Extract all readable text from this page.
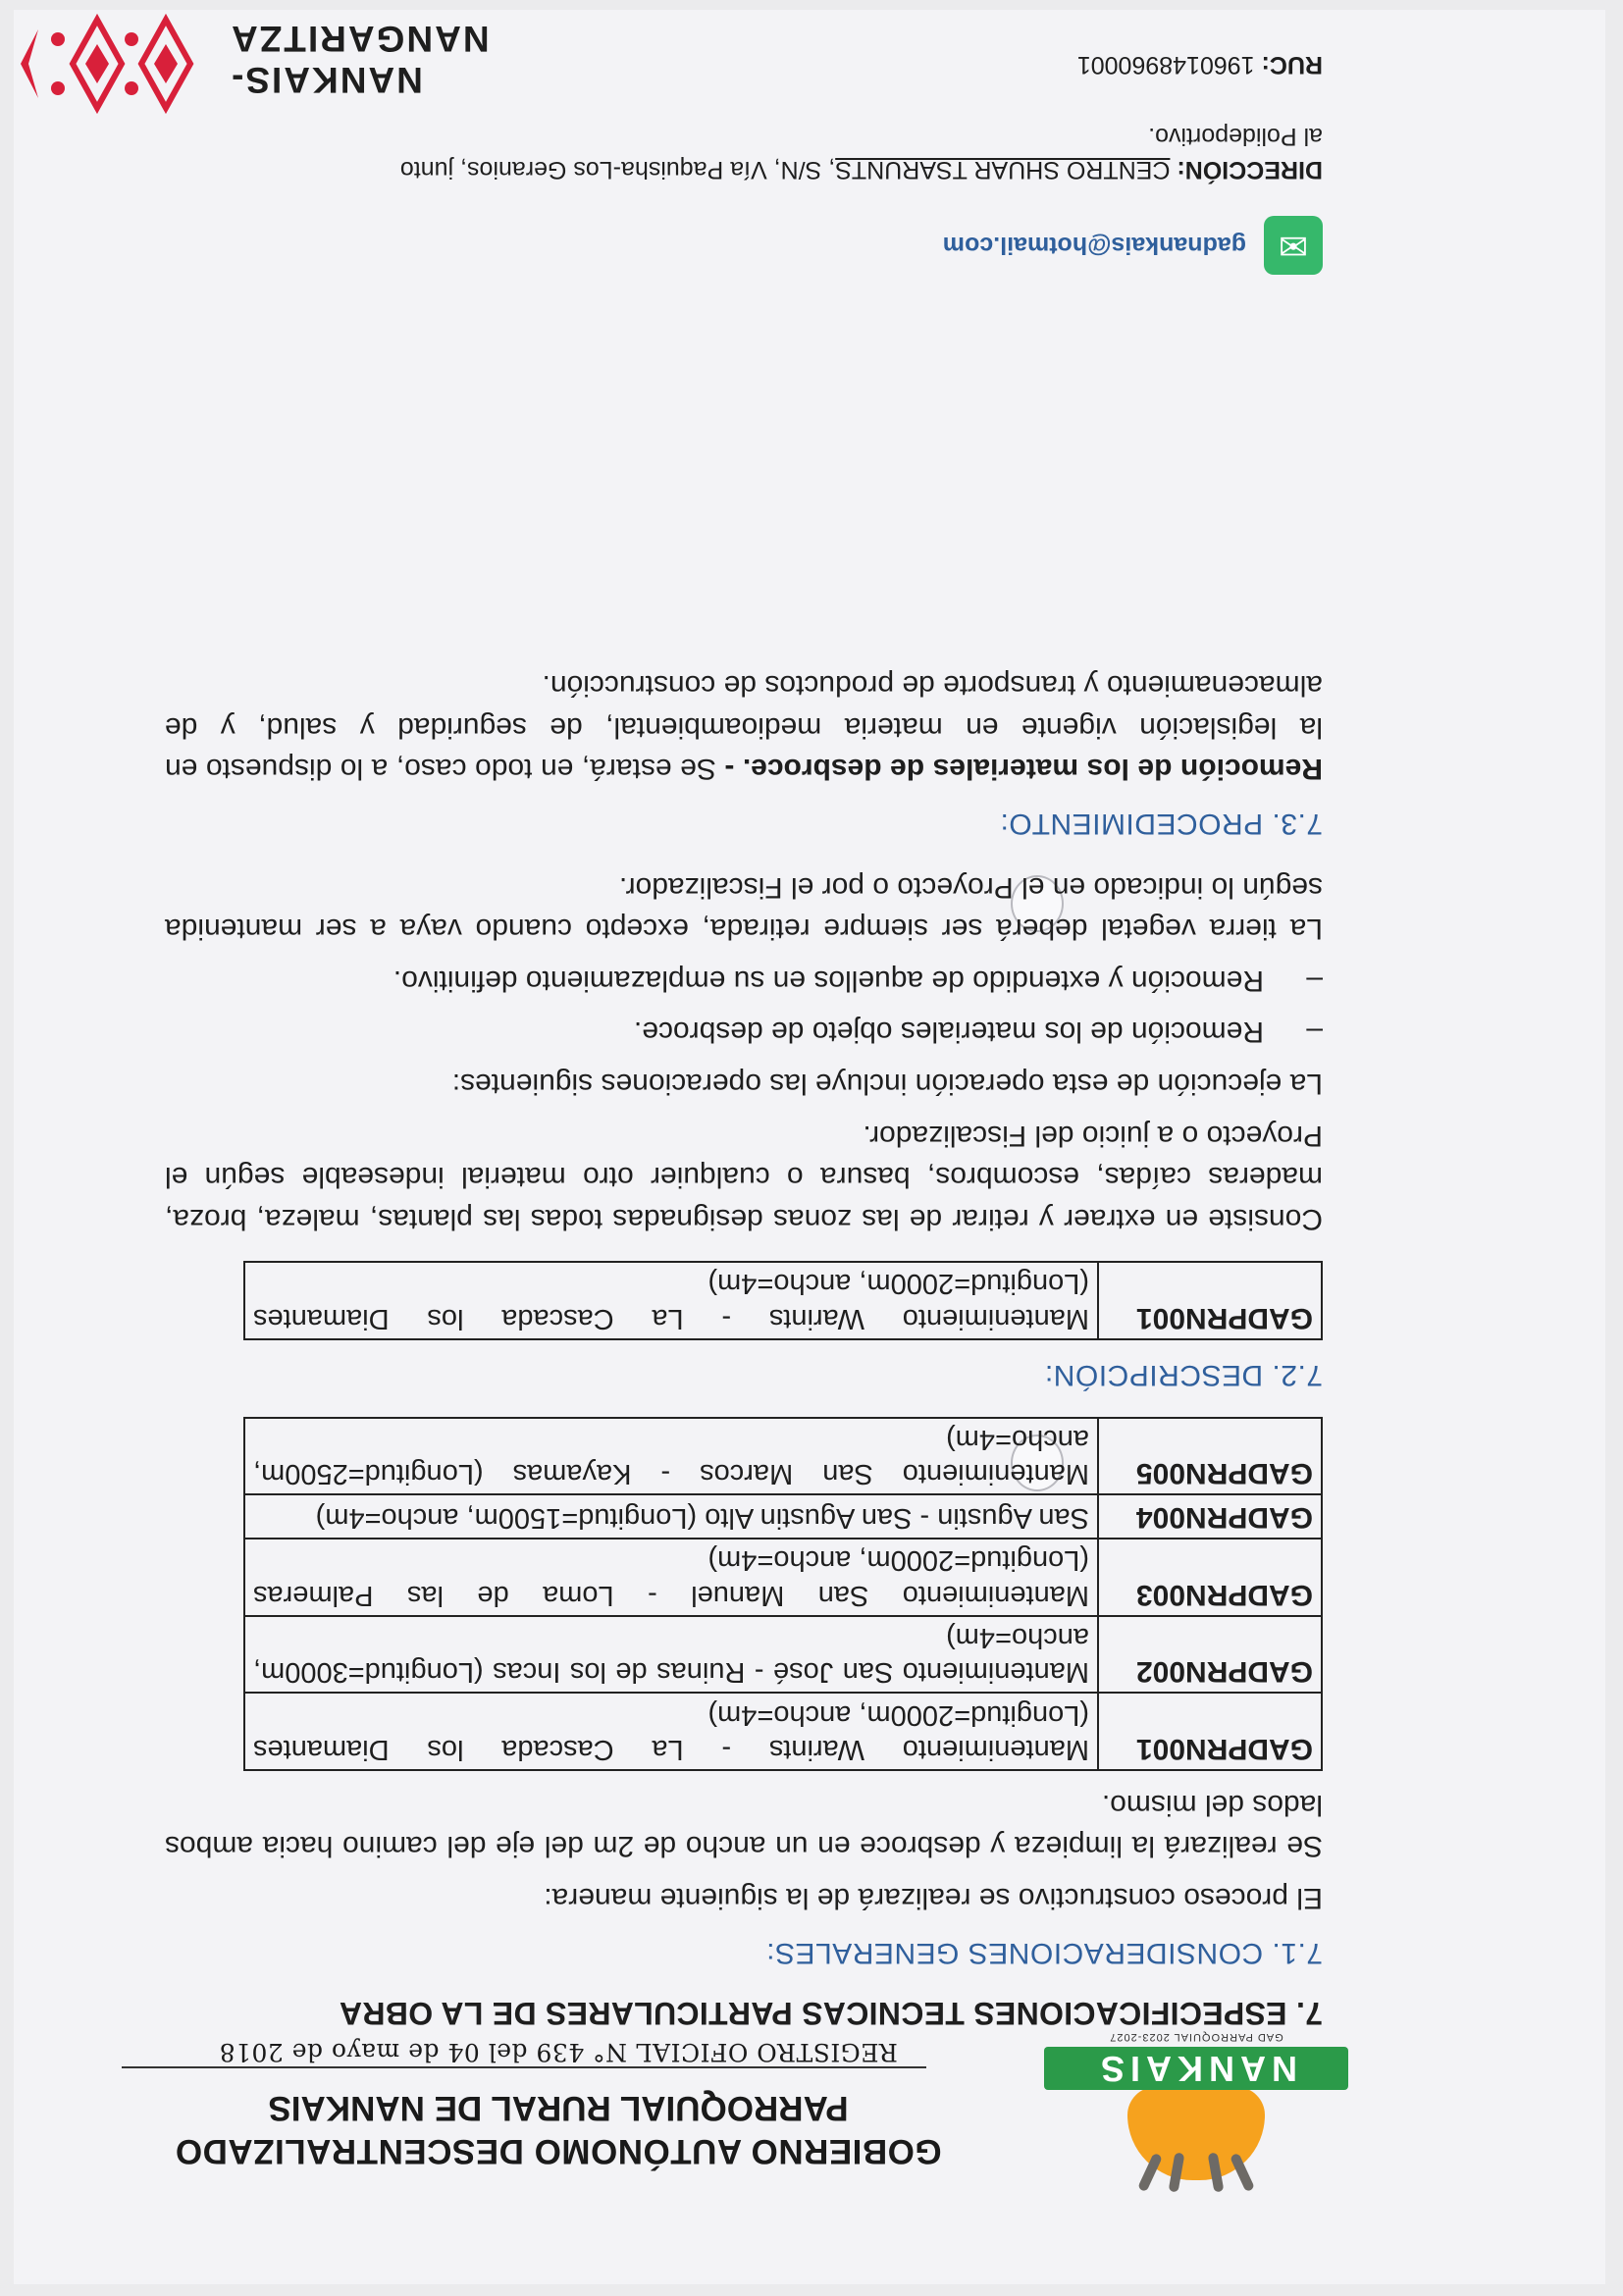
NANKAIS
GAD PARROQUIAL 2023-2027
GOBIERNO AUTÓNOMO DESCENTRALIZADO
PARROQUIAL RURAL DE NANKAIS
REGISTRO OFICIAL N° 439 del 04 de mayo de 2018
7. ESPECIFICACIONES TECNICAS PARTICULARES DE LA OBRA
7.1. CONSIDERACIONES GENERALES:

El proceso constructivo se realizará de la siguiente manera:

Se realizará la limpieza y desbroce en un ancho de 2m del eje del camino hacia ambos lados del mismo.

GADPRN001	Mantenimiento Warints - La Cascada los Diamantes (Longitud=2000m, ancho=4m)
GADPRN002	Mantenimiento San José - Ruinas de los Incas (Longitud=3000m, ancho=4m)
GADPRN003	Mantenimiento San Manuel - Loma de las Palmeras (Longitud=2000m, ancho=4m)
GADPRN004	San Agustin - San Agustin Alto (Longitud=1500m, ancho=4m)
GADPRN005	Mantenimiento San Marcos - Kayamas (Longitud=2500m, ancho=4m)
7.2. DESCRIPCIÓN:
GADPRN001	Mantenimiento Warints - La Cascada los Diamantes (Longitud=2000m, ancho=4m)

Consiste en extraer y retirar de las zonas designadas todas las plantas, maleza, broza, maderas caídas, escombros, basura o cualquier otro material indeseable según el Proyecto o a juicio del Fiscalizador.

La ejecución de esta operación incluye las operaciones siguientes:

–
Remoción de los materiales objeto de desbroce.
–
Remoción y extendido de aquellos en su emplazamiento definitivo.

La tierra vegetal deberá ser siempre retirada, excepto cuando vaya a ser mantenida según lo indicado en el Proyecto o por el Fiscalizador.

7.3. PROCEDIMIENTO:

Remoción de los materiales de desbroce. - Se estará, en todo caso, a lo dispuesto en la legislación vigente en materia medioambiental, de seguridad y salud, y de almacenamiento y transporte de productos de construcción.

✉
gadnankais@hotmail.com
DIRECCIÓN: CENTRO SHUAR TSARUNTS, S/N, Vía Paquisha-Los Geranios, junto al Polideportivo.
RUC: 1960148960001
NANKAIS- NANGARITZA
